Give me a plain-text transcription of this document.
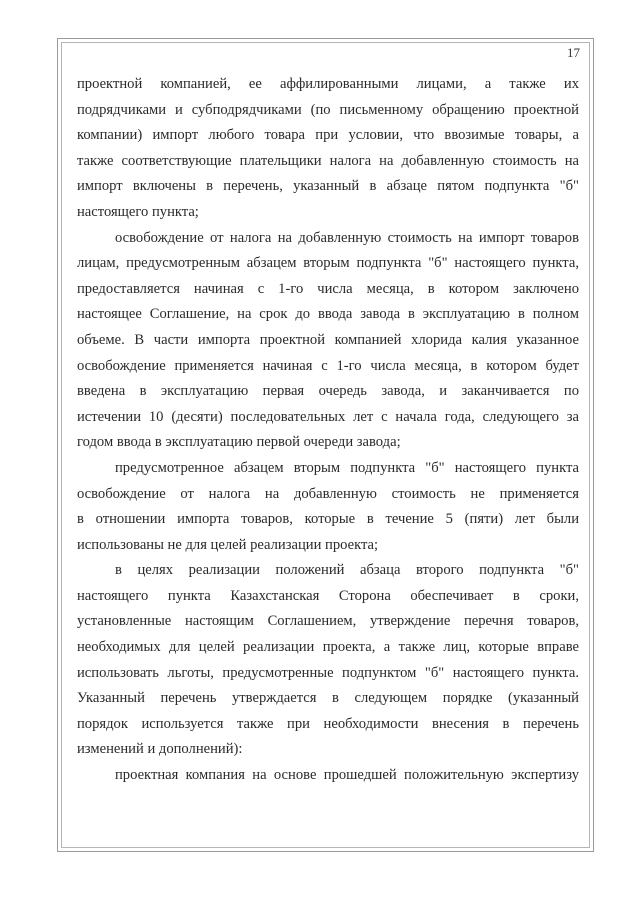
17

проектной компанией, ее аффилированными лицами, а также их
подрядчиками и субподрядчиками (по письменному обращению проектной
компании) импорт любого товара при условии, что ввозимые товары, а
также соответствующие плательщики налога на добавленную стоимость на
импорт включены в перечень, указанный в абзаце пятом подпункта "б"
настоящего пункта;

освобождение от налога на добавленную стоимость на импорт товаров
лицам, предусмотренным абзацем вторым подпункта "б" настоящего пункта,
предоставляется начиная с 1-го числа месяца, в котором заключено
настоящее Соглашение, на срок до ввода завода в эксплуатацию в полном
объеме. В части импорта проектной компанией хлорида калия указанное
освобождение применяется начиная с 1-го числа месяца, в котором будет
введена в эксплуатацию первая очередь завода, и заканчивается по
истечении 10 (десяти) последовательных лет с начала года, следующего за
годом ввода в эксплуатацию первой очереди завода;

предусмотренное абзацем вторым подпункта "б" настоящего пункта
освобождение от налога на добавленную стоимость не применяется
в отношении импорта товаров, которые в течение 5 (пяти) лет были
использованы не для целей реализации проекта;

в целях реализации положений абзаца второго подпункта "б"
настоящего пункта Казахстанская Сторона обеспечивает в сроки,
установленные настоящим Соглашением, утверждение перечня товаров,
необходимых для целей реализации проекта, а также лиц, которые вправе
использовать льготы, предусмотренные подпунктом "б" настоящего пункта.
Указанный перечень утверждается в следующем порядке (указанный
порядок используется также при необходимости внесения в перечень
изменений и дополнений):

проектная компания на основе прошедшей положительную экспертизу
